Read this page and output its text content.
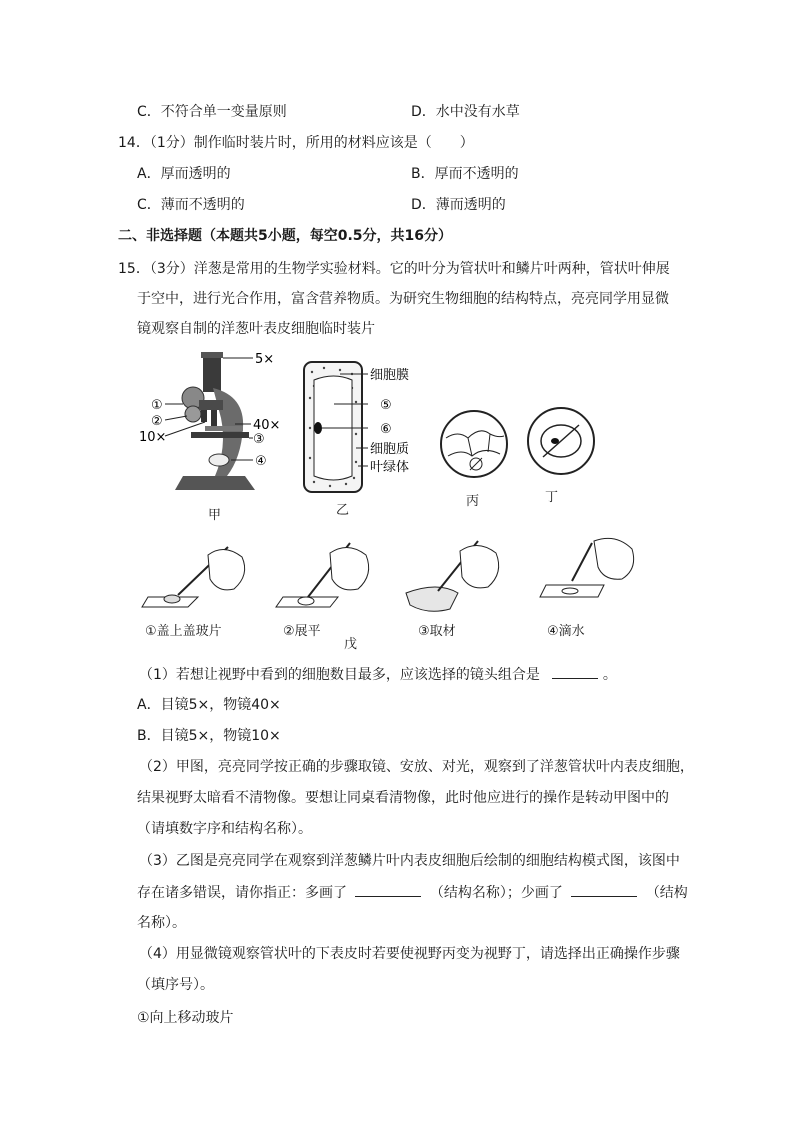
C．不符合单一变量原则	D．水中没有水草
14．（1分）制作临时装片时，所用的材料应该是（　　）
A．厚而透明的	B．厚而不透明的
C．薄而不透明的	D．薄而透明的
二、非选择题（本题共5小题，每空0.5分，共16分）
15．（3分）洋葱是常用的生物学实验材料。它的叶分为管状叶和鳞片叶两种，管状叶伸展
于空中，进行光合作用，富含营养物质。为研究生物细胞的结构特点，亮亮同学用显微
镜观察自制的洋葱叶表皮细胞临时装片
5×
①
②	40×
10×	③
④
甲
细胞膜
⑤
⑥
细胞质
叶绿体
乙
丙	丁
①盖上盖玻片	②展平	③取材	④滴水
戊
（1）若想让视野中看到的细胞数目最多，应该选择的镜头组合是	。
A．目镜5×，物镜40×
B．目镜5×，物镜10×
（2）甲图，亮亮同学按正确的步骤取镜、安放、对光，观察到了洋葱管状叶内表皮细胞，
结果视野太暗看不清物像。要想让同桌看清物像，此时他应进行的操作是转动甲图中的
（请填数字序和结构名称）。
（3）乙图是亮亮同学在观察到洋葱鳞片叶内表皮细胞后绘制的细胞结构模式图，该图中
存在诸多错误，请你指正：多画了	（结构名称）；少画了	（结构
名称）。
（4）用显微镜观察管状叶的下表皮时若要使视野丙变为视野丁，请选择出正确操作步骤
（填序号）。
①向上移动玻片
